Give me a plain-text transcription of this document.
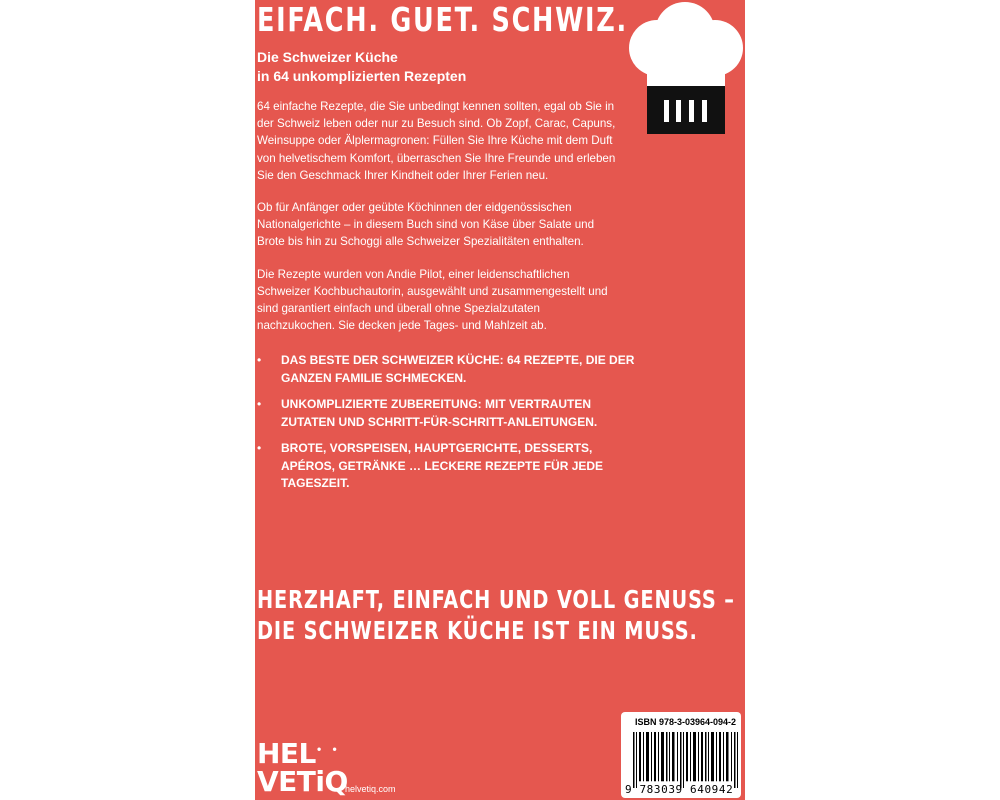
EIFACH. GUET. SCHWIZ.
Die Schweizer Küche
in 64 unkomplizierten Rezepten

64 einfache Rezepte, die Sie unbedingt kennen sollten, egal ob Sie in der Schweiz leben oder nur zu Besuch sind. Ob Zopf, Carac, Capuns, Weinsuppe oder Älplermagronen: Füllen Sie Ihre Küche mit dem Duft von helvetischem Komfort, überraschen Sie Ihre Freunde und erleben Sie den Geschmack Ihrer Kindheit oder Ihrer Ferien neu.

Ob für Anfänger oder geübte Köchinnen der eidgenössischen Nationalgerichte – in diesem Buch sind von Käse über Salate und Brote bis hin zu Schoggi alle Schweizer Spezialitäten enthalten.

Die Rezepte wurden von Andie Pilot, einer leidenschaftlichen Schweizer Kochbuchautorin, ausgewählt und zusammengestellt und sind garantiert einfach und überall ohne Spezialzutaten nachzukochen. Sie decken jede Tages- und Mahlzeit ab.

• DAS BESTE DER SCHWEIZER KÜCHE: 64 REZEPTE, DIE DER GANZEN FAMILIE SCHMECKEN.
• UNKOMPLIZIERTE ZUBEREITUNG: MIT VERTRAUTEN ZUTATEN UND SCHRITT-FÜR-SCHRITT-ANLEITUNGEN.
• BROTE, VORSPEISEN, HAUPTGERICHTE, DESSERTS, APÉROS, GETRÄNKE … LECKERE REZEPTE FÜR JEDE TAGESZEIT.
HERZHAFT, EINFACH UND VOLL GENUSS –
DIE SCHWEIZER KÜCHE IST EIN MUSS.
HEL • •
VETiQ
helvetiq.com
ISBN 978-3-03964-094-2
9 783039 640942
